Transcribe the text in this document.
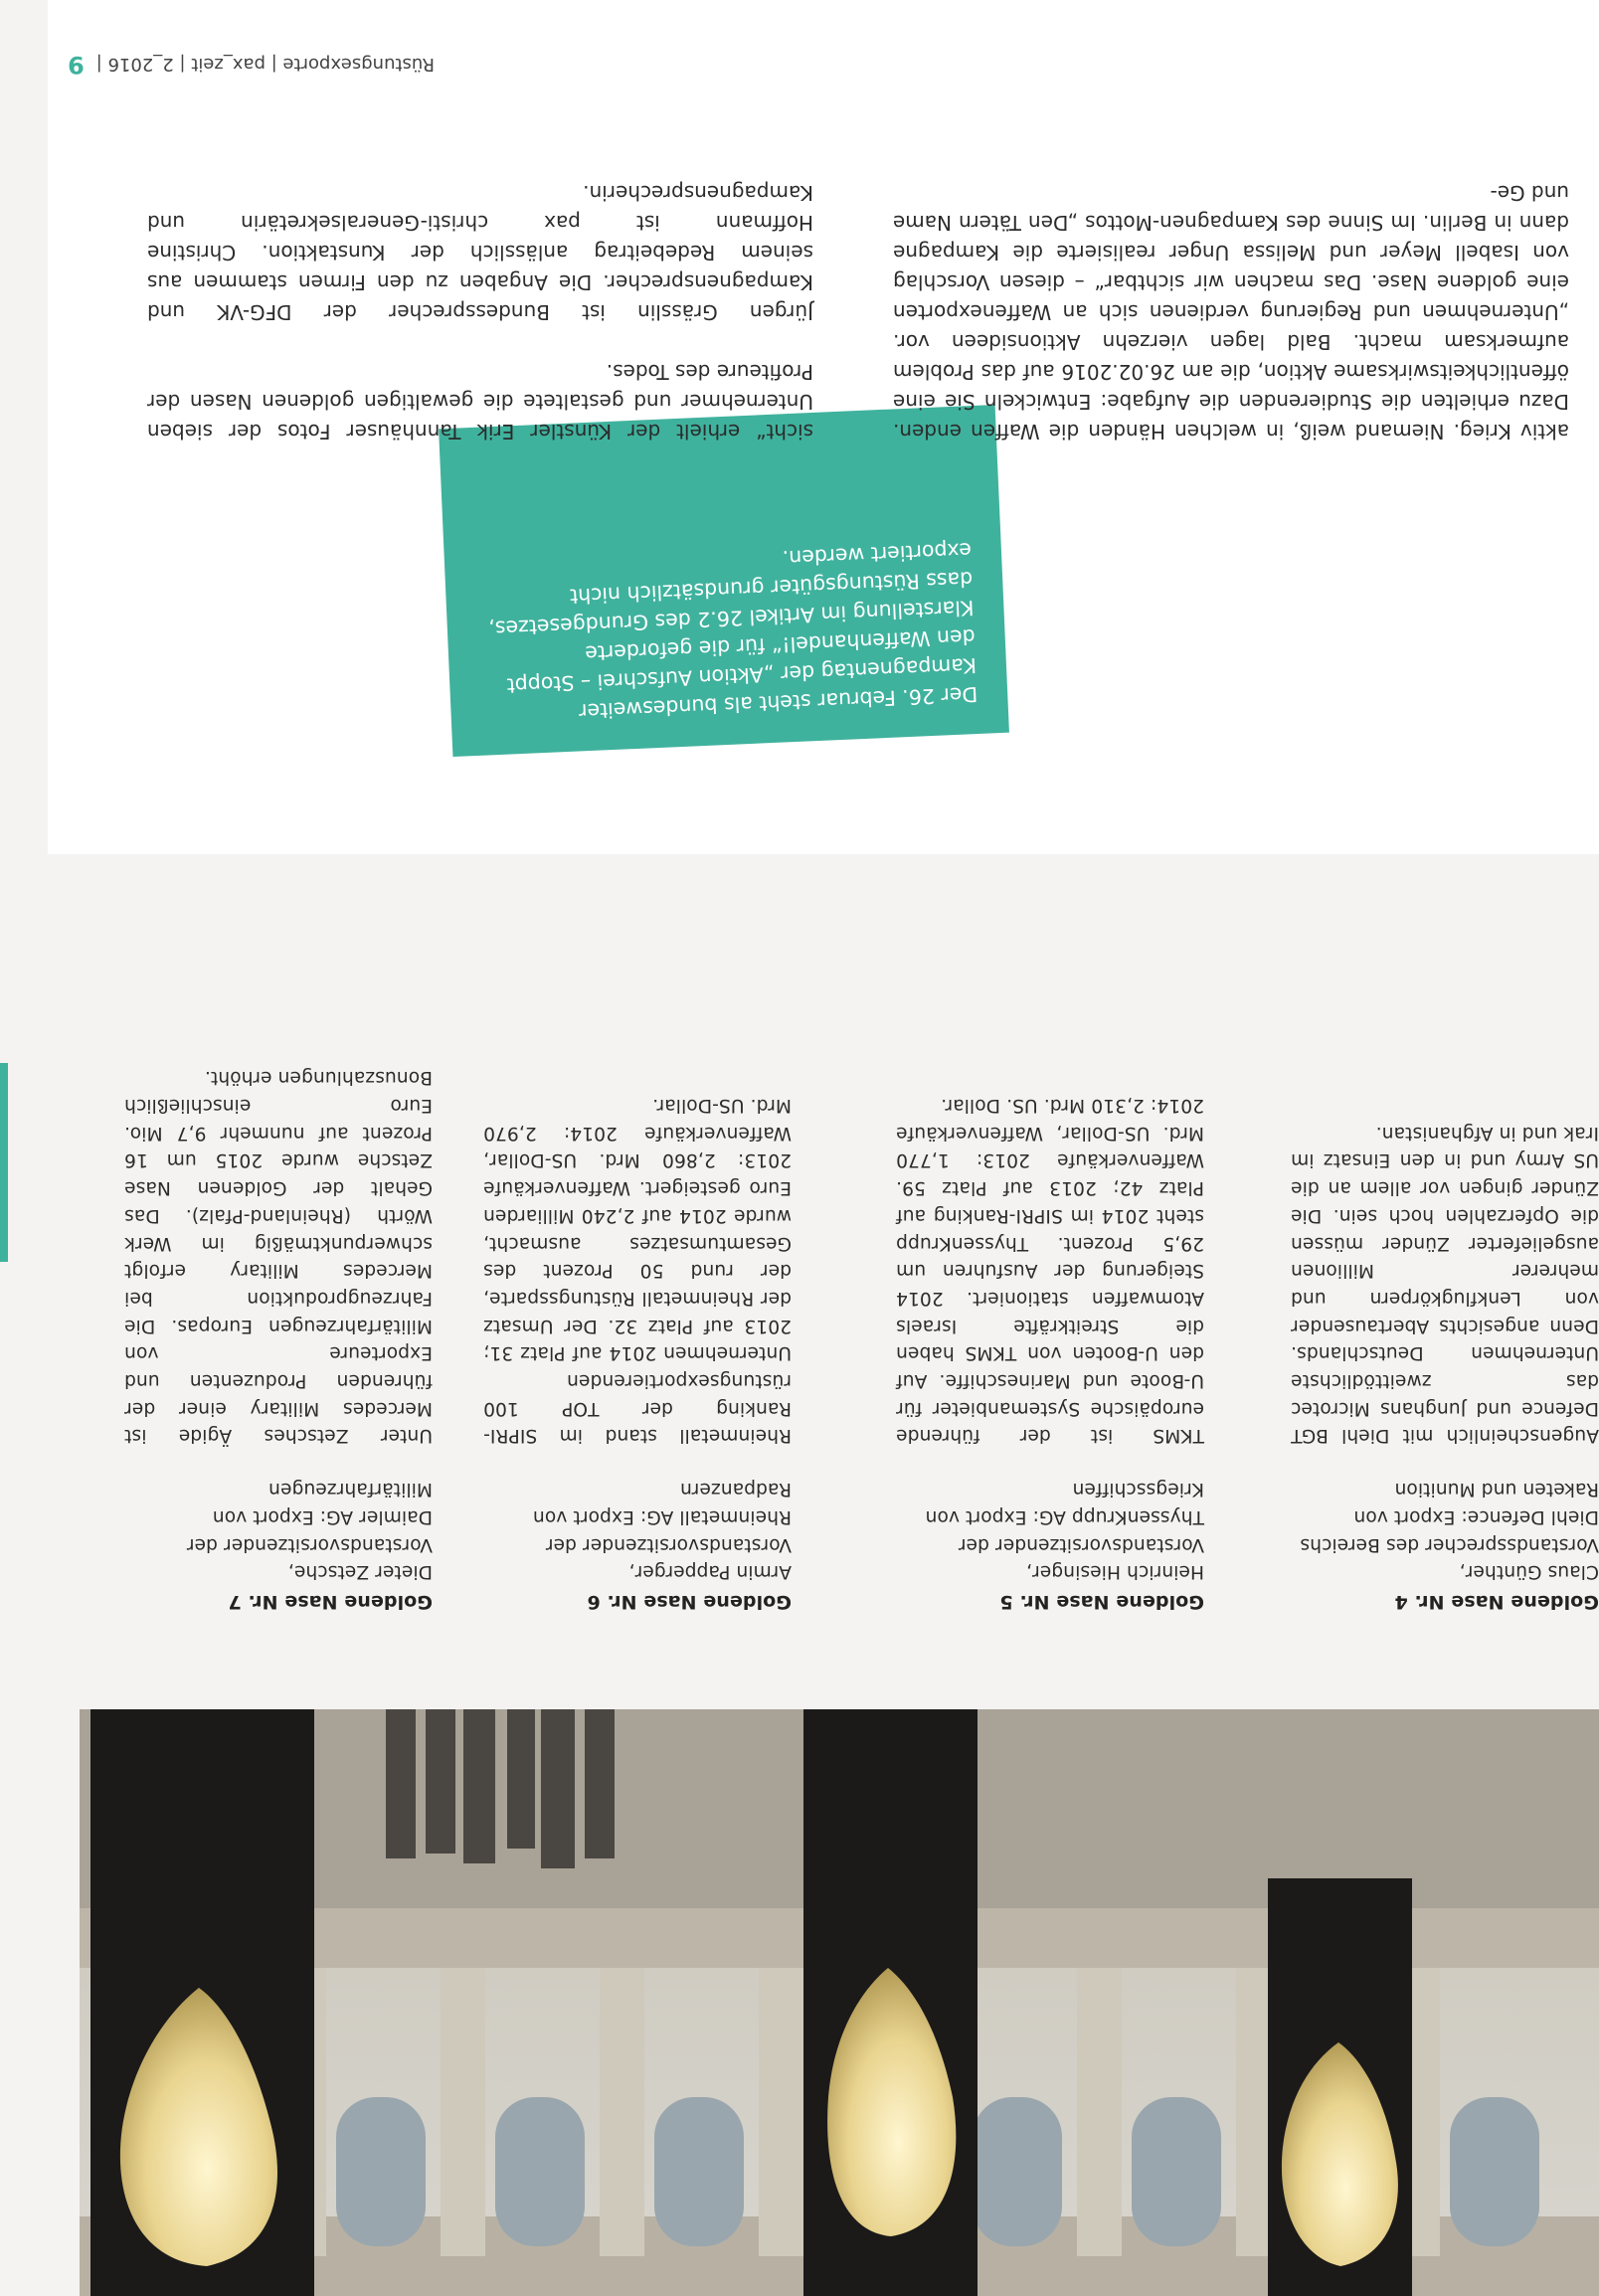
Goldene Nase Nr. 4

Claus Günther, Vorstandssprecher des Bereichs Diehl Defence: Export von Raketen und Munition

Augenscheinlich mit Diehl BGT Defence und Junghans Microtec das zweittödlichste Unternehmen Deutschlands. Denn angesichts Abertausender von Lenkflugkörpern und mehrerer Millionen ausgelieferter Zünder müssen die Opferzahlen hoch sein. Die Zünder gingen vor allem an die US Army und in den Einsatz im Irak und in Afghanistan.

Goldene Nase Nr. 5

Heinrich Hiesinger, Vorstandsvorsitzender der ThyssenKrupp AG: Export von Kriegsschiffen

TKMS ist der führende europäische Systemanbieter für U-Boote und Marineschiffe. Auf den U-Booten von TKMS haben die Streitkräfte Israels Atomwaffen stationiert. 2014 Steigerung der Ausfuhren um 29,5 Prozent. ThyssenKrupp steht 2014 im SIPRI-Ranking auf Platz 42; 2013 auf Platz 59. Waffenverkäufe 2013: 1,770 Mrd. US-Dollar, Waffenverkäufe 2014: 2,310 Mrd. US. Dollar.

Goldene Nase Nr. 6

Armin Papperger, Vorstandsvorsitzender der Rheinmetall AG: Export von Radpanzern

Rheinmetall stand im SIPRI-Ranking der TOP 100 rüstungsexportierenden Unternehmen 2014 auf Platz 31; 2013 auf Platz 32. Der Umsatz der Rheinmetall Rüstungssparte, der rund 50 Prozent des Gesamtumsatzes ausmacht, wurde 2014 auf 2,240 Milliarden Euro gesteigert. Waffenverkäufe 2013: 2,860 Mrd. US-Dollar, Waffenverkäufe 2014: 2,970 Mrd. US-Dollar.

Goldene Nase Nr. 7

Dieter Zetsche, Vorstandsvorsitzender der Daimler AG: Export von Militärfahrzeugen

Unter Zetsches Ägide ist Mercedes Military einer der führenden Produzenten und Exporteure von Militärfahrzeugen Europas. Die Fahrzeugproduktion bei Mercedes Military erfolgt schwerpunktmäßig im Werk Wörth (Rheinland-Pfalz). Das Gehalt der Goldenen Nase Zetsche wurde 2015 um 16 Prozent auf nunmehr 9,7 Mio. Euro einschließlich Bonuszahlungen erhöht.

Der 26. Februar steht als bundesweiter Kampagnentag der „Aktion Aufschrei – Stoppt den Waffenhandel!“ für die geforderte Klarstellung im Artikel 26.2 des Grundgesetzes, dass Rüstungsgüter grundsätzlich nicht exportiert werden.

aktiv Krieg. Niemand weiß, in welchen Händen die Waffen enden. Dazu erhielten die Studierenden die Aufgabe: Entwickeln Sie eine öffentlichkeitswirksame Aktion, die am 26.02.2016 auf das Problem aufmerksam macht. Bald lagen vierzehn Aktionsideen vor. „Unternehmen und Regierung verdienen sich an Waffenexporten eine goldene Nase. Das machen wir sichtbar“ – diesen Vorschlag von Isabell Meyer und Melissa Unger realisierte die Kampagne dann in Berlin. Im Sinne des Kampagnen-Mottos „Den Tätern Name und Ge-

sicht“ erhielt der Künstler Erik Tannhäuser Fotos der sieben Unternehmer und gestaltete die gewaltigen goldenen Nasen der Profiteure des Todes.

Jürgen Grässlin ist Bundessprecher der DFG-VK und Kampagnensprecher. Die Angaben zu den Firmen stammen aus seinem Redebeitrag anlässlich der Kunstaktion. Christine Hoffmann ist pax christi-Generalsekretärin und Kampagnensprecherin.

Rüstungsexporte | pax_zeit | 2_2016 |
9
